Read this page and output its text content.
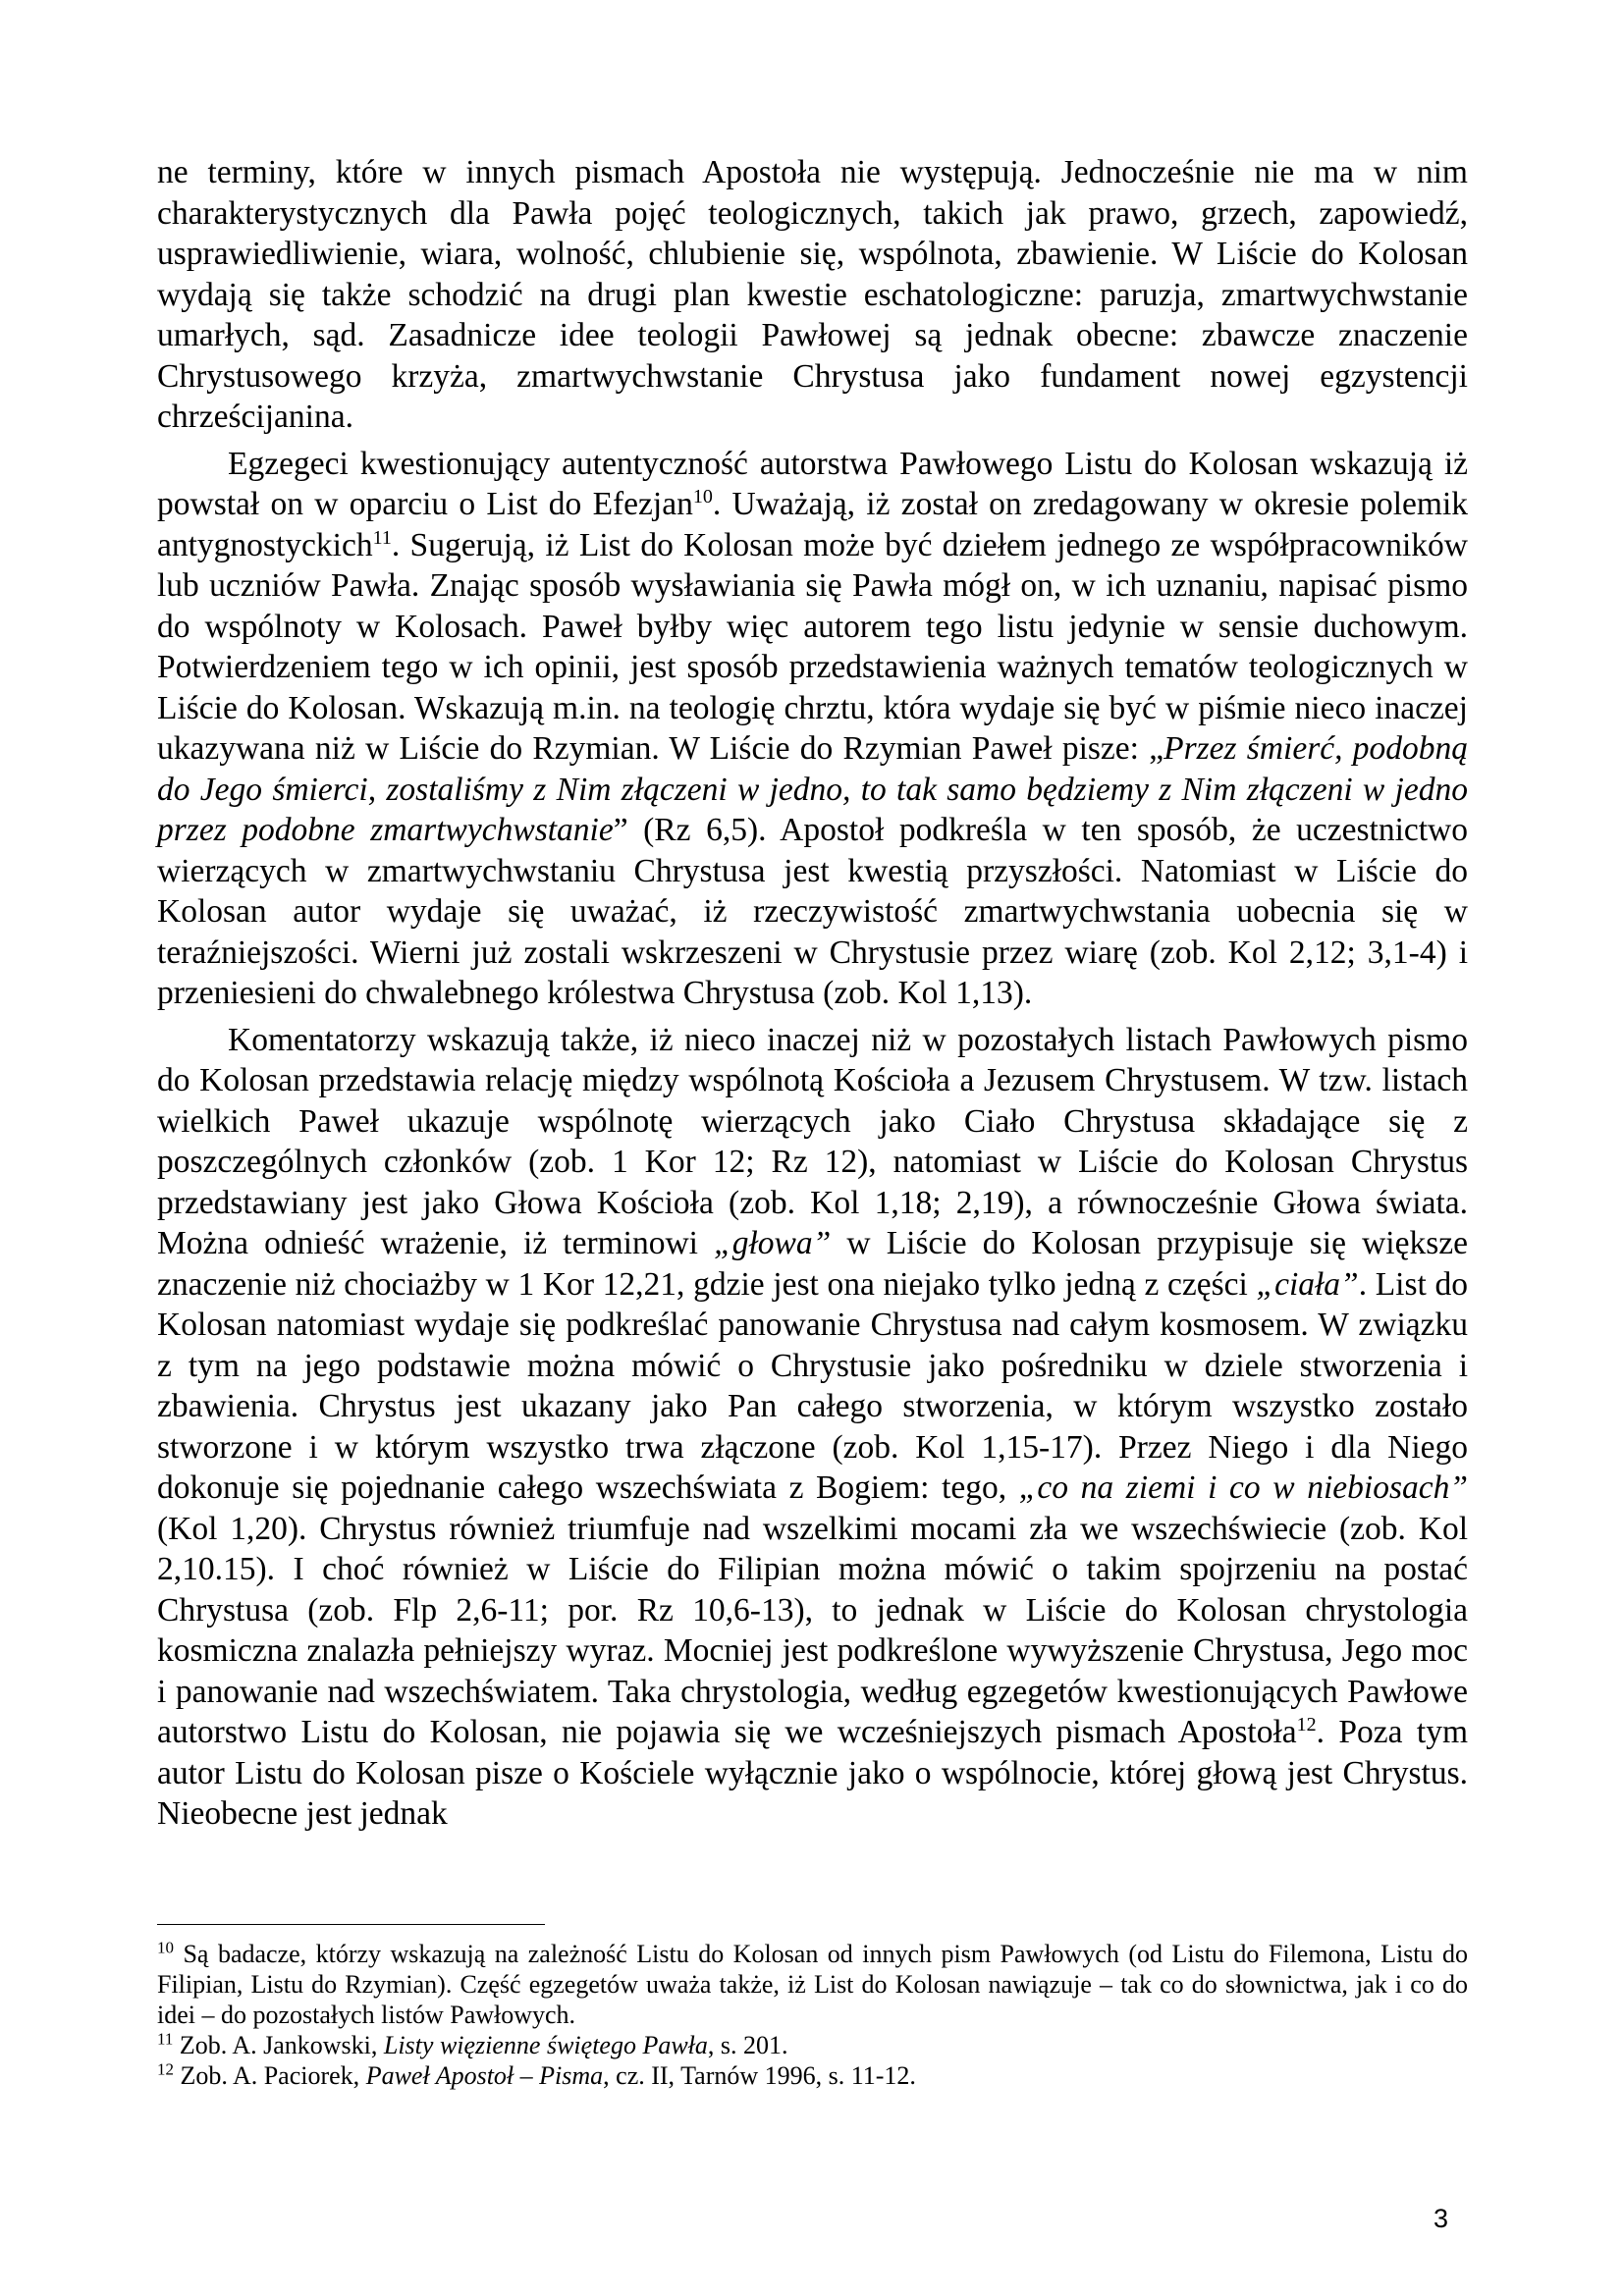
ne terminy, które w innych pismach Apostoła nie występują. Jednocześnie nie ma w nim charakterystycznych dla Pawła pojęć teologicznych, takich jak prawo, grzech, zapowiedź, usprawiedliwienie, wiara, wolność, chlubienie się, wspólnota, zbawienie. W Liście do Kolosan wydają się także schodzić na drugi plan kwestie eschatologiczne: paruzja, zmartwychwstanie umarłych, sąd. Zasadnicze idee teologii Pawłowej są jednak obecne: zbawcze znaczenie Chrystusowego krzyża, zmartwychwstanie Chrystusa jako fundament nowej egzystencji chrześcijanina.

Egzegeci kwestionujący autentyczność autorstwa Pawłowego Listu do Kolosan wskazują iż powstał on w oparciu o List do Efezjan$^{10}$. Uważają, iż został on zredagowany w okresie polemik antygnostyckich$^{11}$. Sugerują, iż List do Kolosan może być dziełem jednego ze współpracowników lub uczniów Pawła. Znając sposób wysławiania się Pawła mógł on, w ich uznaniu, napisać pismo do wspólnoty w Kolosach. Paweł byłby więc autorem tego listu jedynie w sensie duchowym. Potwierdzeniem tego w ich opinii, jest sposób przedstawienia ważnych tematów teologicznych w Liście do Kolosan. Wskazują m.in. na teologię chrztu, która wydaje się być w piśmie nieco inaczej ukazywana niż w Liście do Rzymian. W Liście do Rzymian Paweł pisze: „Przez śmierć, podobną do Jego śmierci, zostaliśmy z Nim złączeni w jedno, to tak samo będziemy z Nim złączeni w jedno przez podobne zmartwychwstanie” (Rz 6,5). Apostoł podkreśla w ten sposób, że uczestnictwo wierzących w zmartwychwstaniu Chrystusa jest kwestią przyszłości. Natomiast w Liście do Kolosan autor wydaje się uważać, iż rzeczywistość zmartwychwstania uobecnia się w teraźniejszości. Wierni już zostali wskrzeszeni w Chrystusie przez wiarę (zob. Kol 2,12; 3,1-4) i przeniesieni do chwalebnego królestwa Chrystusa (zob. Kol 1,13).

Komentatorzy wskazują także, iż nieco inaczej niż w pozostałych listach Pawłowych pismo do Kolosan przedstawia relację między wspólnotą Kościoła a Jezusem Chrystusem. W tzw. listach wielkich Paweł ukazuje wspólnotę wierzących jako Ciało Chrystusa składające się z poszczególnych członków (zob. 1 Kor 12; Rz 12), natomiast w Liście do Kolosan Chrystus przedstawiany jest jako Głowa Kościoła (zob. Kol 1,18; 2,19), a równocześnie Głowa świata. Można odnieść wrażenie, iż terminowi „głowa” w Liście do Kolosan przypisuje się większe znaczenie niż chociażby w 1 Kor 12,21, gdzie jest ona niejako tylko jedną z części „ciała”. List do Kolosan natomiast wydaje się podkreślać panowanie Chrystusa nad całym kosmosem. W związku z tym na jego podstawie można mówić o Chrystusie jako pośredniku w dziele stworzenia i zbawienia. Chrystus jest ukazany jako Pan całego stworzenia, w którym wszystko zostało stworzone i w którym wszystko trwa złączone (zob. Kol 1,15-17). Przez Niego i dla Niego dokonuje się pojednanie całego wszechświata z Bogiem: tego, „co na ziemi i co w niebiosach” (Kol 1,20). Chrystus również triumfuje nad wszelkimi mocami zła we wszechświecie (zob. Kol 2,10.15). I choć również w Liście do Filipian można mówić o takim spojrzeniu na postać Chrystusa (zob. Flp 2,6-11; por. Rz 10,6-13), to jednak w Liście do Kolosan chrystologia kosmiczna znalazła pełniejszy wyraz. Mocniej jest podkreślone wywyższenie Chrystusa, Jego moc i panowanie nad wszechświatem. Taka chrystologia, według egzegetów kwestionujących Pawłowe autorstwo Listu do Kolosan, nie pojawia się we wcześniejszych pismach Apostoła$^{12}$. Poza tym autor Listu do Kolosan pisze o Kościele wyłącznie jako o wspólnocie, której głową jest Chrystus. Nieobecne jest jednak

$^{10}$ Są badacze, którzy wskazują na zależność Listu do Kolosan od innych pism Pawłowych (od Listu do Filemona, Listu do Filipian, Listu do Rzymian). Część egzegetów uważa także, iż List do Kolosan nawiązuje – tak co do słownictwa, jak i co do idei – do pozostałych listów Pawłowych.

$^{11}$ Zob. A. Jankowski, Listy więzienne świętego Pawła, s. 201.

$^{12}$ Zob. A. Paciorek, Paweł Apostoł – Pisma, cz. II, Tarnów 1996, s. 11-12.

3
